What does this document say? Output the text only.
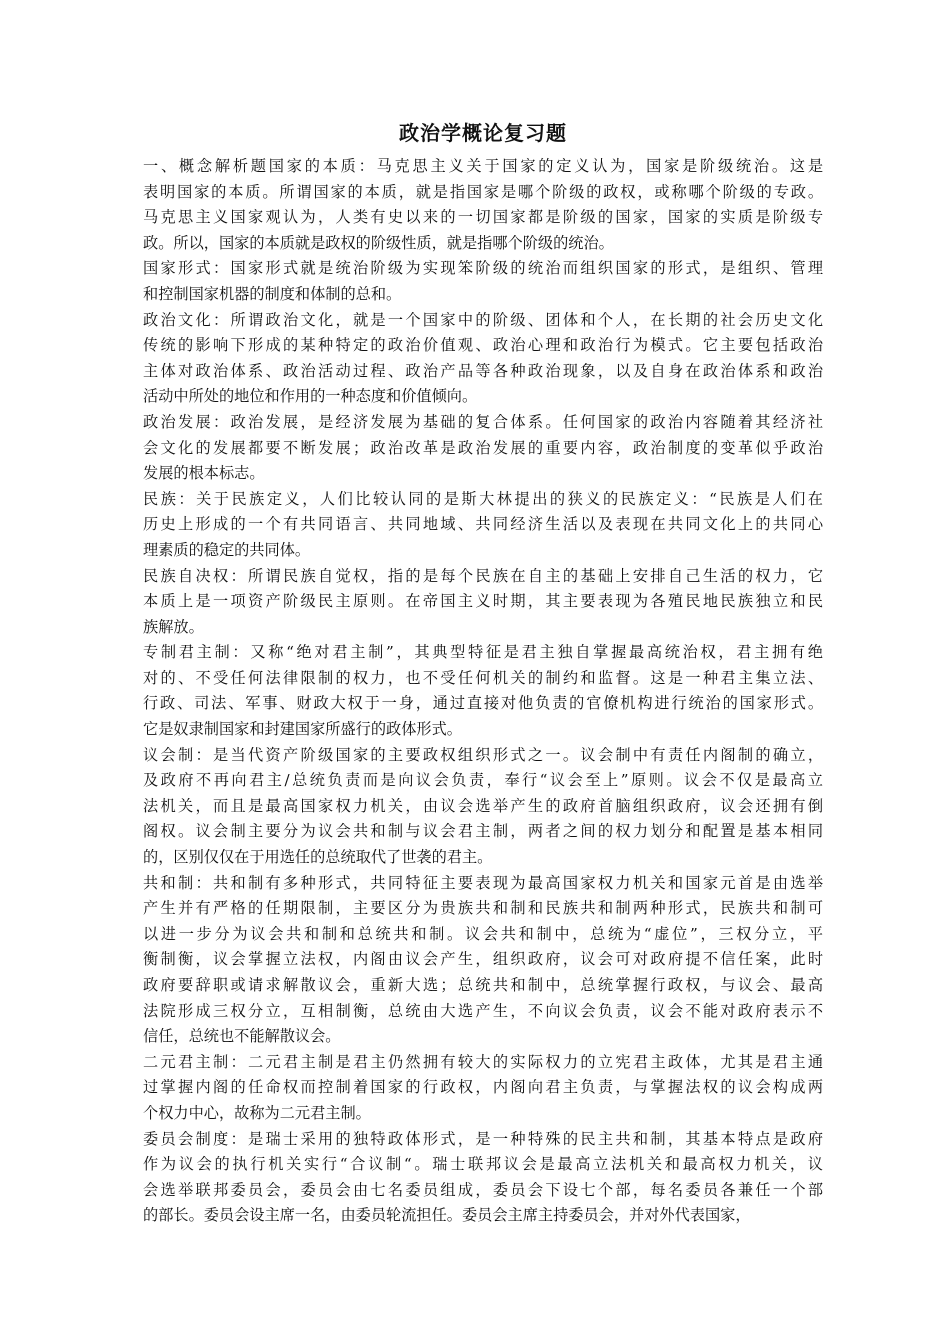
政治学概论复习题
一、概念解析题国家的本质：马克思主义关于国家的定义认为，国家是阶级统治。这是
表明国家的本质。所谓国家的本质，就是指国家是哪个阶级的政权，或称哪个阶级的专政。
马克思主义国家观认为，人类有史以来的一切国家都是阶级的国家，国家的实质是阶级专
政。所以，国家的本质就是政权的阶级性质，就是指哪个阶级的统治。
国家形式：国家形式就是统治阶级为实现笨阶级的统治而组织国家的形式，是组织、管理
和控制国家机器的制度和体制的总和。
政治文化：所谓政治文化，就是一个国家中的阶级、团体和个人，在长期的社会历史文化
传统的影响下形成的某种特定的政治价值观、政治心理和政治行为模式。它主要包括政治
主体对政治体系、政治活动过程、政治产品等各种政治现象，以及自身在政治体系和政治
活动中所处的地位和作用的一种态度和价值倾向。
政治发展：政治发展，是经济发展为基础的复合体系。任何国家的政治内容随着其经济社
会文化的发展都要不断发展；政治改革是政治发展的重要内容，政治制度的变革似乎政治
发展的根本标志。
民族：关于民族定义，人们比较认同的是斯大林提出的狭义的民族定义：“民族是人们在
历史上形成的一个有共同语言、共同地域、共同经济生活以及表现在共同文化上的共同心
理素质的稳定的共同体。
民族自决权：所谓民族自觉权，指的是每个民族在自主的基础上安排自己生活的权力，它
本质上是一项资产阶级民主原则。在帝国主义时期，其主要表现为各殖民地民族独立和民
族解放。
专制君主制：又称“绝对君主制”，其典型特征是君主独自掌握最高统治权，君主拥有绝
对的、不受任何法律限制的权力，也不受任何机关的制约和监督。这是一种君主集立法、
行政、司法、军事、财政大权于一身，通过直接对他负责的官僚机构进行统治的国家形式。
它是奴隶制国家和封建国家所盛行的政体形式。
议会制：是当代资产阶级国家的主要政权组织形式之一。议会制中有责任内阁制的确立，
及政府不再向君主/总统负责而是向议会负责，奉行“议会至上”原则。议会不仅是最高立
法机关，而且是最高国家权力机关，由议会选举产生的政府首脑组织政府，议会还拥有倒
阁权。议会制主要分为议会共和制与议会君主制，两者之间的权力划分和配置是基本相同
的，区别仅仅在于用选任的总统取代了世袭的君主。
共和制：共和制有多种形式，共同特征主要表现为最高国家权力机关和国家元首是由选举
产生并有严格的任期限制，主要区分为贵族共和制和民族共和制两种形式，民族共和制可
以进一步分为议会共和制和总统共和制。议会共和制中，总统为“虚位”，三权分立，平
衡制衡，议会掌握立法权，内阁由议会产生，组织政府，议会可对政府提不信任案，此时
政府要辞职或请求解散议会，重新大选；总统共和制中，总统掌握行政权，与议会、最高
法院形成三权分立，互相制衡，总统由大选产生，不向议会负责，议会不能对政府表示不
信任，总统也不能解散议会。
二元君主制：二元君主制是君主仍然拥有较大的实际权力的立宪君主政体，尤其是君主通
过掌握内阁的任命权而控制着国家的行政权，内阁向君主负责，与掌握法权的议会构成两
个权力中心，故称为二元君主制。
委员会制度：是瑞士采用的独特政体形式，是一种特殊的民主共和制，其基本特点是政府
作为议会的执行机关实行“合议制“。瑞士联邦议会是最高立法机关和最高权力机关，议
会选举联邦委员会，委员会由七名委员组成，委员会下设七个部，每名委员各兼任一个部
的部长。委员会设主席一名，由委员轮流担任。委员会主席主持委员会，并对外代表国家，
